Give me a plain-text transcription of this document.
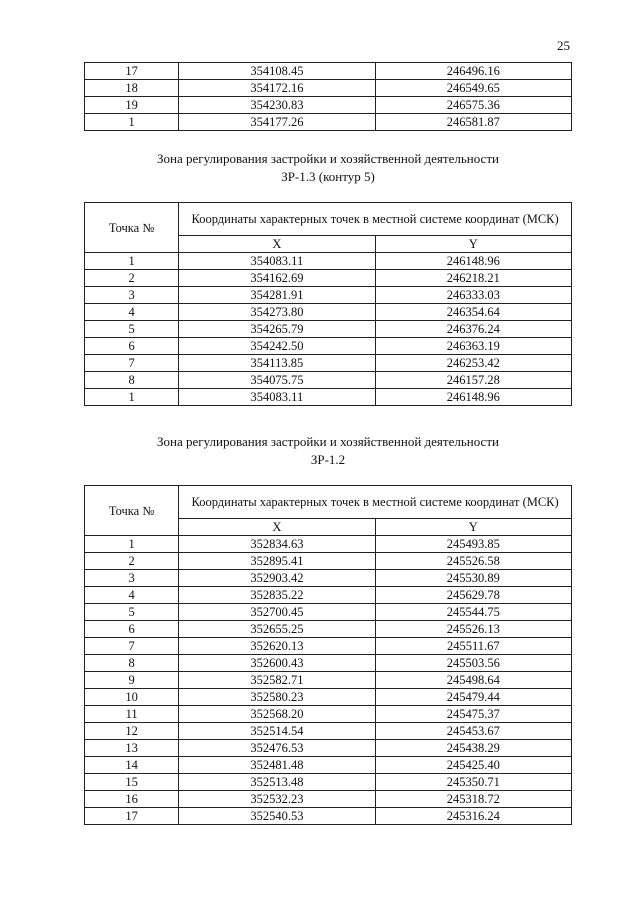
25
17	354108.45	246496.16
18	354172.16	246549.65
19	354230.83	246575.36
1	354177.26	246581.87
Зона регулирования застройки и хозяйственной деятельности
ЗР-1.3 (контур 5)
Точка №	Координаты характерных точек в местной системе координат (МСК)	
	X	Y
1	354083.11	246148.96
2	354162.69	246218.21
3	354281.91	246333.03
4	354273.80	246354.64
5	354265.79	246376.24
6	354242.50	246363.19
7	354113.85	246253.42
8	354075.75	246157.28
1	354083.11	246148.96
Зона регулирования застройки и хозяйственной деятельности
ЗР-1.2
Точка №	Координаты характерных точек в местной системе координат (МСК)	
	X	Y
1	352834.63	245493.85
2	352895.41	245526.58
3	352903.42	245530.89
4	352835.22	245629.78
5	352700.45	245544.75
6	352655.25	245526.13
7	352620.13	245511.67
8	352600.43	245503.56
9	352582.71	245498.64
10	352580.23	245479.44
11	352568.20	245475.37
12	352514.54	245453.67
13	352476.53	245438.29
14	352481.48	245425.40
15	352513.48	245350.71
16	352532.23	245318.72
17	352540.53	245316.24
